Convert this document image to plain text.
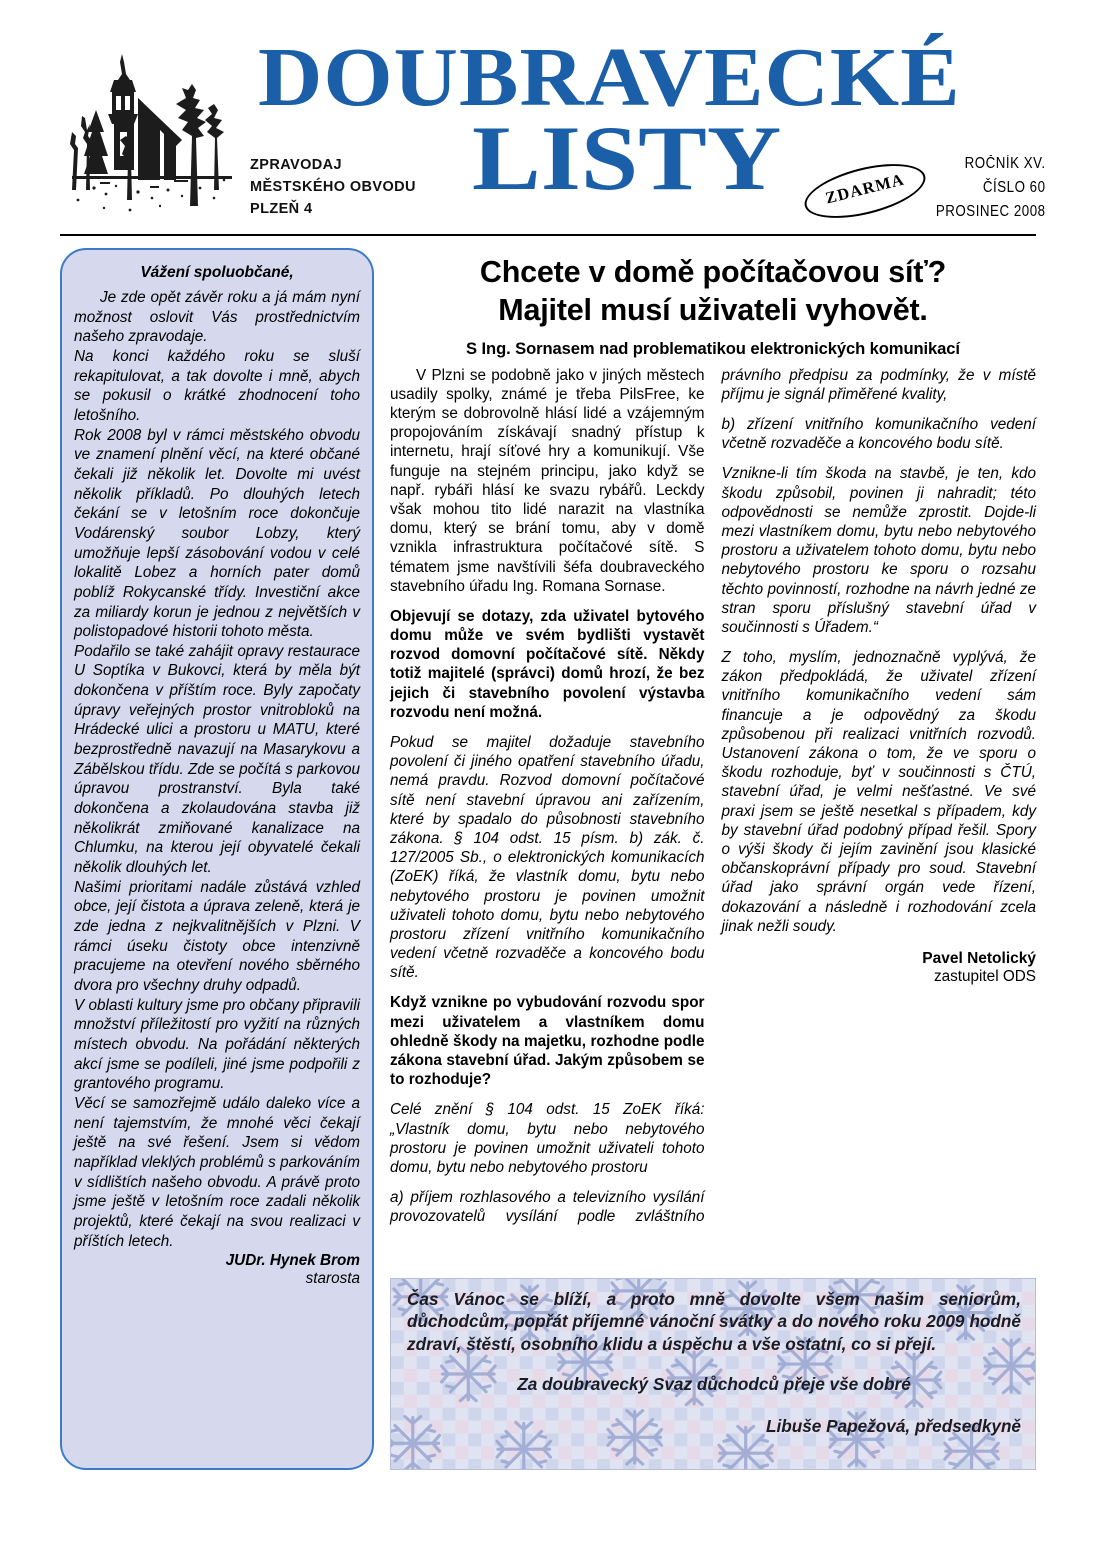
DOUBRAVECKÉ
LISTY
ZPRAVODAJ
MĚSTSKÉHO OBVODU
PLZEŇ 4
ZDARMA
ROČNÍK XV.
ČÍSLO 60
PROSINEC 2008
Vážení spoluobčané,

Je zde opět závěr roku a já mám nyní možnost oslovit Vás prostřednictvím našeho zpravodaje.

Na konci každého roku se sluší rekapitulovat, a tak dovolte i mně, abych se pokusil o krátké zhodnocení toho letošního.

Rok 2008 byl v rámci městského obvodu ve znamení plnění věcí, na které občané čekali již několik let. Dovolte mi uvést několik příkladů. Po dlouhých letech čekání se v letošním roce dokončuje Vodárenský soubor Lobzy, který umožňuje lepší zásobování vodou v celé lokalitě Lobez a horních pater domů poblíž Rokycanské třídy. Investiční akce za miliardy korun je jednou z největších v polistopadové historii tohoto města.

Podařilo se také zahájit opravy restaurace U Soptíka v Bukovci, která by měla být dokončena v příštím roce. Byly započaty úpravy veřejných prostor vnitrobloků na Hrádecké ulici a prostoru u MATU, které bezprostředně navazují na Masarykovu a Zábělskou třídu. Zde se počítá s parkovou úpravou prostranství. Byla také dokončena a zkolaudována stavba již několikrát zmiňované kanalizace na Chlumku, na kterou její obyvatelé čekali několik dlouhých let.

Našimi prioritami nadále zůstává vzhled obce, její čistota a úprava zeleně, která je zde jedna z nejkvalitnějších v Plzni. V rámci úseku čistoty obce intenzivně pracujeme na otevření nového sběrného dvora pro všechny druhy odpadů.

V oblasti kultury jsme pro občany připravili množství příležitostí pro vyžití na různých místech obvodu. Na pořádání některých akcí jsme se podíleli, jiné jsme podpořili z grantového programu.

Věcí se samozřejmě událo daleko více a není tajemstvím, že mnohé věci čekají ještě na své řešení. Jsem si vědom například vleklých problémů s parkováním v sídlištích našeho obvodu. A právě proto jsme ještě v letošním roce zadali několik projektů, které čekají na svou realizaci v příštích letech.

JUDr. Hynek Brom
starosta
Chcete v domě počítačovou síť?
Majitel musí uživateli vyhovět.
S Ing. Sornasem nad problematikou elektronických komunikací

V Plzni se podobně jako v jiných městech usadily spolky, známé je třeba PilsFree, ke kterým se dobrovolně hlásí lidé a vzájemným propojováním získávají snadný přístup k internetu, hrají síťové hry a komunikují. Vše funguje na stejném principu, jako když se např. rybáři hlásí ke svazu rybářů. Leckdy však mohou tito lidé narazit na vlastníka domu, který se brání tomu, aby v domě vznikla infrastruktura počítačové sítě. S tématem jsme navštívili šéfa doubraveckého stavebního úřadu Ing. Romana Sornase.

Objevují se dotazy, zda uživatel bytového domu může ve svém bydlišti vystavět rozvod domovní počítačové sítě. Někdy totiž majitelé (správci) domů hrozí, že bez jejich či stavebního povolení výstavba rozvodu není možná.

Pokud se majitel dožaduje stavebního povolení či jiného opatření stavebního úřadu, nemá pravdu. Rozvod domovní počítačové sítě není stavební úpravou ani zařízením, které by spadalo do působnosti stavebního zákona. § 104 odst. 15 písm. b) zák. č. 127/2005 Sb., o elektronických komunikacích (ZoEK) říká, že vlastník domu, bytu nebo nebytového prostoru je povinen umožnit uživateli tohoto domu, bytu nebo nebytového prostoru zřízení vnitřního komunikačního vedení včetně rozvaděče a koncového bodu sítě.

Když vznikne po vybudování rozvodu spor mezi uživatelem a vlastníkem domu ohledně škody na majetku, rozhodne podle zákona stavební úřad. Jakým způsobem se to rozhoduje?

Celé znění § 104 odst. 15 ZoEK říká: „Vlastník domu, bytu nebo nebytového prostoru je povinen umožnit uživateli tohoto domu, bytu nebo nebytového prostoru

a) příjem rozhlasového a televizního vysílání provozovatelů vysílání podle zvláštního právního předpisu za podmínky, že v místě příjmu je signál přiměřené kvality,

b) zřízení vnitřního komunikačního vedení včetně rozvaděče a koncového bodu sítě.

Vznikne-li tím škoda na stavbě, je ten, kdo škodu způsobil, povinen ji nahradit; této odpovědnosti se nemůže zprostit. Dojde-li mezi vlastníkem domu, bytu nebo nebytového prostoru a uživatelem tohoto domu, bytu nebo nebytového prostoru ke sporu o rozsahu těchto povinností, rozhodne na návrh jedné ze stran sporu příslušný stavební úřad v součinnosti s Úřadem.“

Z toho, myslím, jednoznačně vyplývá, že zákon předpokládá, že uživatel zřízení vnitřního komunikačního vedení sám financuje a je odpovědný za škodu způsobenou při realizaci vnitřních rozvodů. Ustanovení zákona o tom, že ve sporu o škodu rozhoduje, byť v součinnosti s ČTÚ, stavební úřad, je velmi nešťastné. Ve své praxi jsem se ještě nesetkal s případem, kdy by stavební úřad podobný případ řešil. Spory o výši škody či jejím zavinění jsou klasické občanskoprávní případy pro soud. Stavební úřad jako správní orgán vede řízení, dokazování a následně i rozhodování zcela jinak nežli soudy.

Pavel Netolický
zastupitel ODS

Čas Vánoc se blíží, a proto mně dovolte všem našim seniorům, důchodcům, popřát příjemné vánoční svátky a do nového roku 2009 hodně zdraví, štěstí, osobního klidu a úspěchu a vše ostatní, co si přejí.

Za doubravecký Svaz důchodců přeje vše dobré

Libuše Papežová, předsedkyně
